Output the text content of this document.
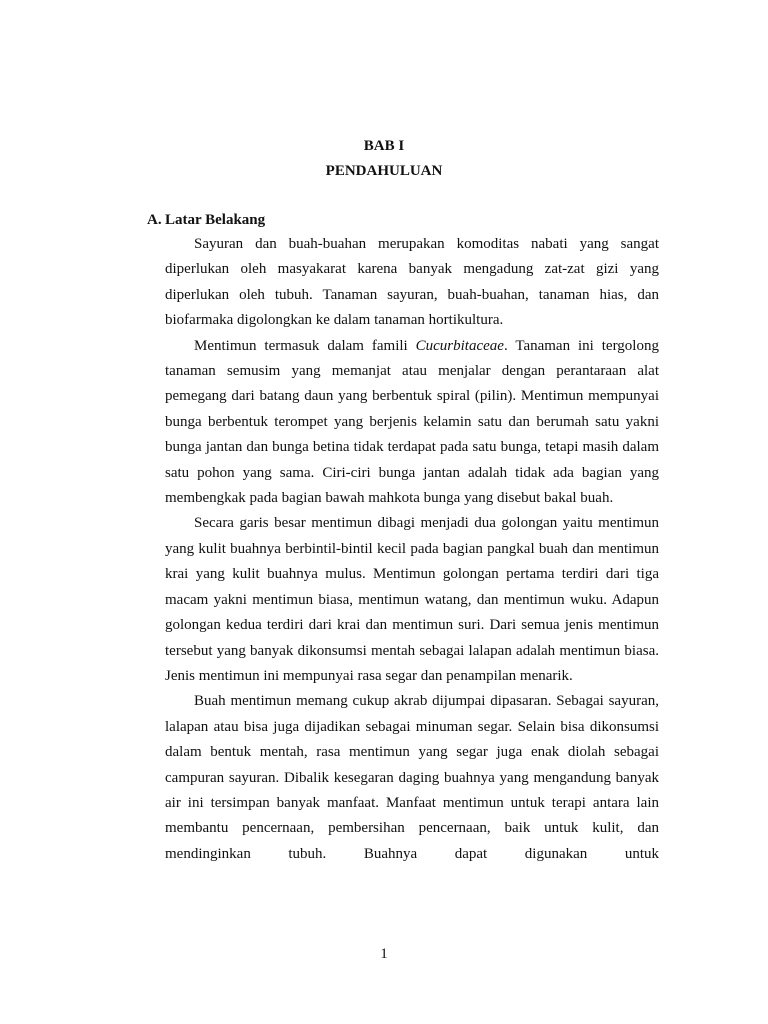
BAB I
PENDAHULUAN
A. Latar Belakang

Sayuran dan buah-buahan merupakan komoditas nabati yang sangat diperlukan oleh masyakarat karena banyak mengadung zat-zat gizi yang diperlukan oleh tubuh. Tanaman sayuran, buah-buahan, tanaman hias, dan biofarmaka digolongkan ke dalam tanaman hortikultura.

Mentimun termasuk dalam famili Cucurbitaceae. Tanaman ini tergolong tanaman semusim yang memanjat atau menjalar dengan perantaraan alat pemegang dari batang daun yang berbentuk spiral (pilin). Mentimun mempunyai bunga berbentuk terompet yang berjenis kelamin satu dan berumah satu yakni bunga jantan dan bunga betina tidak terdapat pada satu bunga, tetapi masih dalam satu pohon yang sama. Ciri-ciri bunga jantan adalah tidak ada bagian yang membengkak pada bagian bawah mahkota bunga yang disebut bakal buah.

Secara garis besar mentimun dibagi menjadi dua golongan yaitu mentimun yang kulit buahnya berbintil-bintil kecil pada bagian pangkal buah dan mentimun krai yang kulit buahnya mulus. Mentimun golongan pertama terdiri dari tiga macam yakni mentimun biasa, mentimun watang, dan mentimun wuku. Adapun golongan kedua terdiri dari krai dan mentimun suri. Dari semua jenis mentimun tersebut yang banyak dikonsumsi mentah sebagai lalapan adalah mentimun biasa. Jenis mentimun ini mempunyai rasa segar dan penampilan menarik.

Buah mentimun memang cukup akrab dijumpai dipasaran. Sebagai sayuran, lalapan atau bisa juga dijadikan sebagai minuman segar. Selain bisa dikonsumsi dalam bentuk mentah, rasa mentimun yang segar juga enak diolah sebagai campuran sayuran. Dibalik kesegaran daging buahnya yang mengandung banyak air ini tersimpan banyak manfaat. Manfaat mentimun untuk terapi antara lain membantu pencernaan, pembersihan pencernaan, baik untuk kulit, dan mendinginkan tubuh. Buahnya dapat digunakan untuk

1
